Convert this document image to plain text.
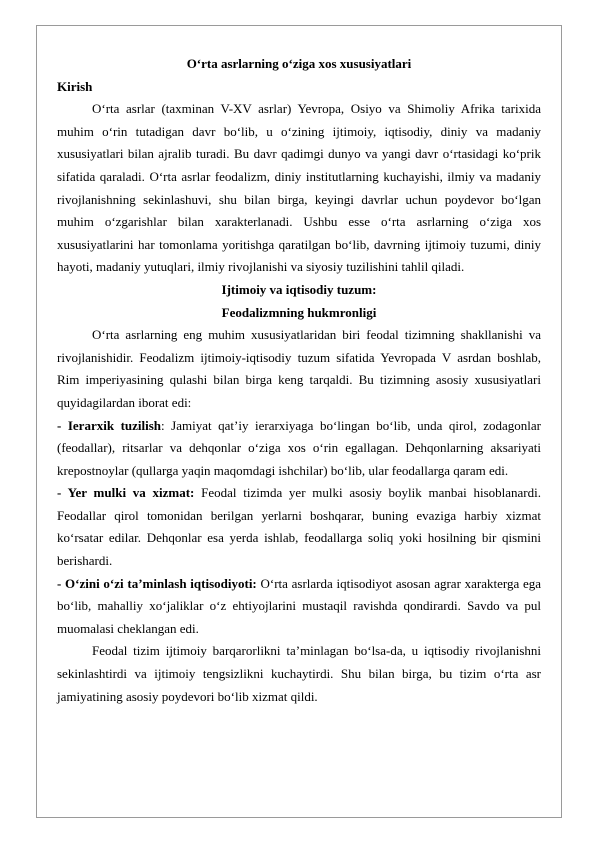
O‘rta asrlarning o‘ziga xos xususiyatlari

Kirish

O‘rta asrlar (taxminan V-XV asrlar) Yevropa, Osiyo va Shimoliy Afrika tarixida muhim o‘rin tutadigan davr bo‘lib, u o‘zining ijtimoiy, iqtisodiy, diniy va madaniy xususiyatlari bilan ajralib turadi. Bu davr qadimgi dunyo va yangi davr o‘rtasidagi ko‘prik sifatida qaraladi. O‘rta asrlar feodalizm, diniy institutlarning kuchayishi, ilmiy va madaniy rivojlanishning sekinlashuvi, shu bilan birga, keyingi davrlar uchun poydevor bo‘lgan muhim o‘zgarishlar bilan xarakterlanadi. Ushbu esse o‘rta asrlarning o‘ziga xos xususiyatlarini har tomonlama yoritishga qaratilgan bo‘lib, davrning ijtimoiy tuzumi, diniy hayoti, madaniy yutuqlari, ilmiy rivojlanishi va siyosiy tuzilishini tahlil qiladi.

Ijtimoiy va iqtisodiy tuzum:

Feodalizmning hukmronligi

O‘rta asrlarning eng muhim xususiyatlaridan biri feodal tizimning shakllanishi va rivojlanishidir. Feodalizm ijtimoiy-iqtisodiy tuzum sifatida Yevropada V asrdan boshlab, Rim imperiyasining qulashi bilan birga keng tarqaldi. Bu tizimning asosiy xususiyatlari quyidagilardan iborat edi:

- Ierarxik tuzilish: Jamiyat qat’iy ierarxiyaga bo‘lingan bo‘lib, unda qirol, zodagonlar (feodallar), ritsarlar va dehqonlar o‘ziga xos o‘rin egallagan. Dehqonlarning aksariyati krepostnoylar (qullarga yaqin maqomdagi ishchilar) bo‘lib, ular feodallarga qaram edi.

- Yer mulki va xizmat: Feodal tizimda yer mulki asosiy boylik manbai hisoblanardi. Feodallar qirol tomonidan berilgan yerlarni boshqarar, buning evaziga harbiy xizmat ko‘rsatar edilar. Dehqonlar esa yerda ishlab, feodallarga soliq yoki hosilning bir qismini berishardi.

- O‘zini o‘zi ta’minlash iqtisodiyoti: O‘rta asrlarda iqtisodiyot asosan agrar xarakterga ega bo‘lib, mahalliy xo‘jaliklar o‘z ehtiyojlarini mustaqil ravishda qondirardi. Savdo va pul muomalasi cheklangan edi.

Feodal tizim ijtimoiy barqarorlikni ta’minlagan bo‘lsa-da, u iqtisodiy rivojlanishni sekinlashtirdi va ijtimoiy tengsizlikni kuchaytirdi. Shu bilan birga, bu tizim o‘rta asr jamiyatining asosiy poydevori bo‘lib xizmat qildi.
